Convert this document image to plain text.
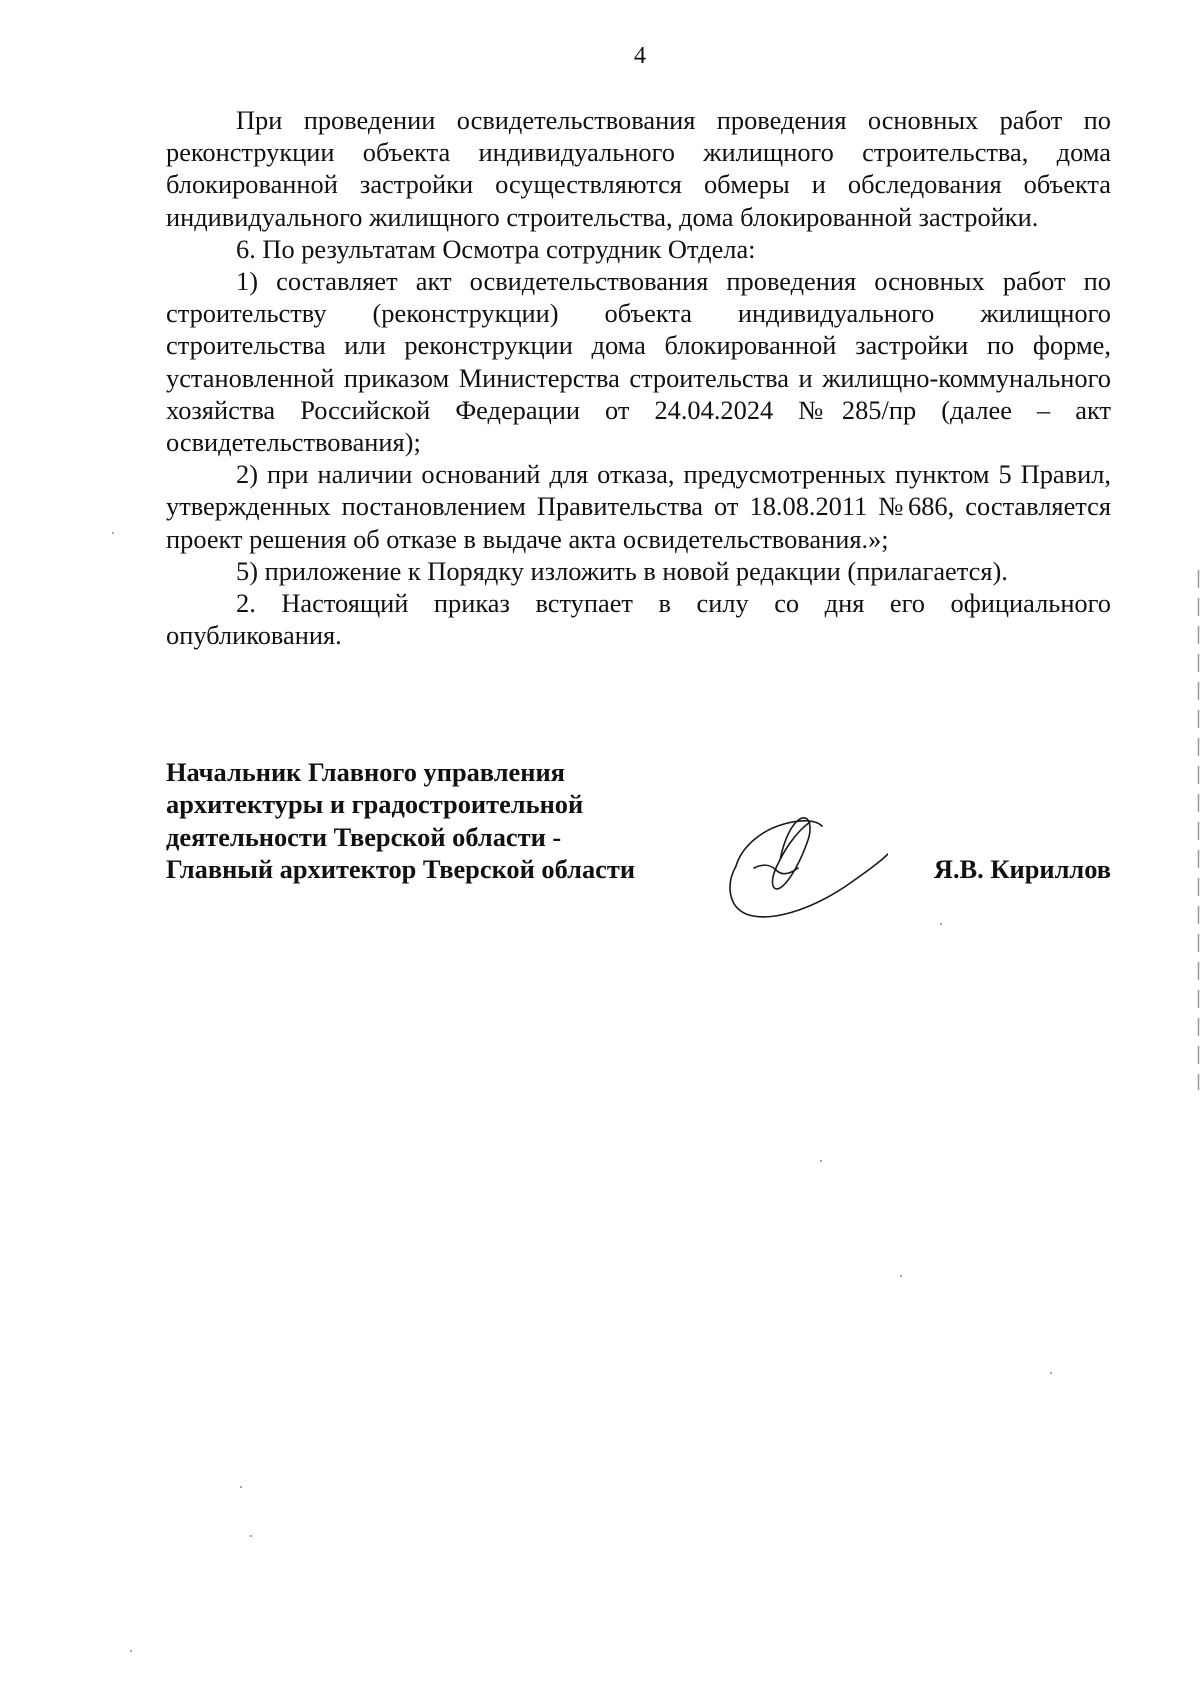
4

При проведении освидетельствования проведения основных работ по реконструкции объекта индивидуального жилищного строительства, дома блокированной застройки осуществляются обмеры и обследования объекта индивидуального жилищного строительства, дома блокированной застройки.

6. По результатам Осмотра сотрудник Отдела:

1) составляет акт освидетельствования проведения основных работ по строительству (реконструкции) объекта индивидуального жилищного строительства или реконструкции дома блокированной застройки по форме, установленной приказом Министерства строительства и жилищно-коммунального хозяйства Российской Федерации от 24.04.2024 №285/пр (далее – акт освидетельствования);

2) при наличии оснований для отказа, предусмотренных пунктом 5 Правил, утвержденных постановлением Правительства от 18.08.2011 №686, составляется проект решения об отказе в выдаче акта освидетельствования.»;

5) приложение к Порядку изложить в новой редакции (прилагается).

2. Настоящий приказ вступает в силу со дня его официального опубликования.

Начальник Главного управления
архитектуры и градостроительной
деятельности Тверской области -
Главный архитектор Тверской области	Я.В. Кириллов
